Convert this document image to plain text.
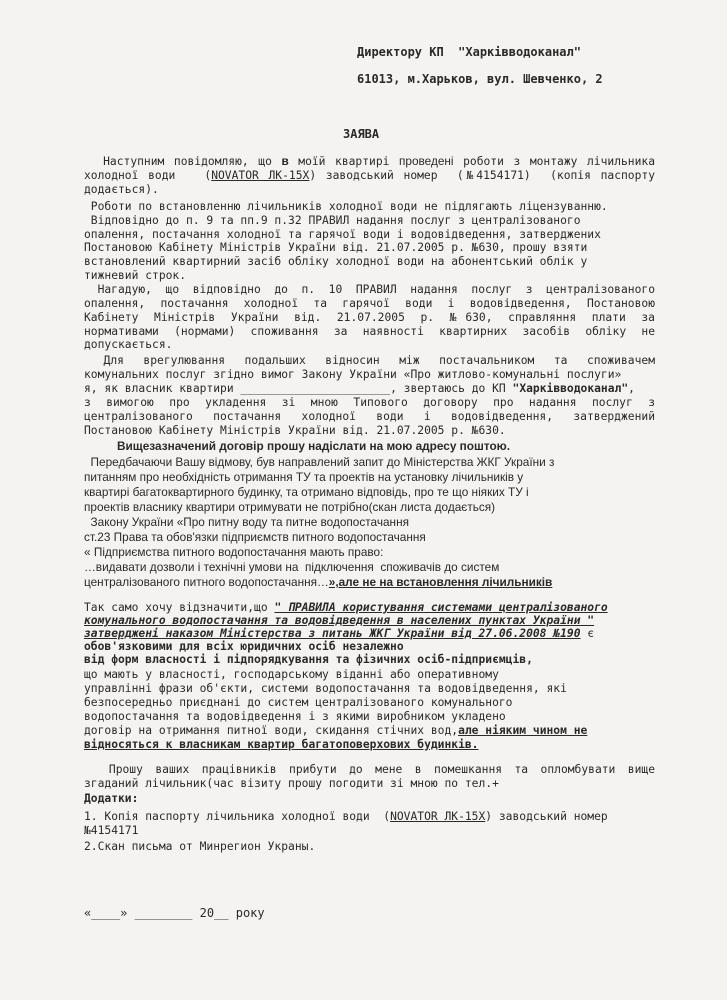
Директору КП  "Харківводоканал"
61013, м.Харьков, вул. Шевченко, 2
ЗАЯВА
Наступним повідомляю, що в моїй квартирі проведені роботи з монтажу лічильника
холодної води   (NOVATOR ЛК-15Х) заводський номер  (№4154171)  (копія паспорту
додається).
Роботи по встановленню лічильників холодної води не підлягають ліцензуванню.
Відповідно до п. 9 та пп.9 п.32 ПРАВИЛ надання послуг з централізованого
опалення, постачання холодної та гарячої води і водовідведення, затверджених
Постановою Кабінету Міністрів України від. 21.07.2005 р. №630, прошу взяти
встановлений квартирний засіб обліку холодної води на абонентський облік у
тижневий строк.
Нагадую, що відповідно до п. 10 ПРАВИЛ надання послуг з централізованого
опалення, постачання холодної та гарячої води і водовідведення, Постановою
Кабінету Міністрів України від. 21.07.2005 р. №630, справляння плати за
нормативами (нормами) споживання за наявності квартирних засобів обліку не
допускається.
Для врегулювання подальших відносин між постачальником та споживачем
комунальних послуг згідно вимог Закону України «Про житлово-комунальні послуги»
я, як власник квартири ______________________, звертаюсь до КП "Харківводоканал",
з вимогою про укладення зі мною Типового договору про надання послуг з
централізованого постачання холодної води і водовідведення, затверджений
Постановою Кабінету Міністрів України від. 21.07.2005 р. №630.
Вищезазначений договір прошу надіслати на мою адресу поштою.
Передбачаючи Вашу відмову, був направлений запит до Міністерства ЖКГ України з
питанням про необхідність отримання ТУ та проектів на установку лічильників у
квартирі багатоквартирного будинку, та отримано відповідь, про те що ніяких ТУ і
проектів власнику квартири отримувати не потрібно(скан листа додається)
Закону України «Про питну воду та питне водопостачання
ст.23 Права та обов'язки підприємств питного водопостачання
« Підприємства питного водопостачання мають право:
…видавати дозволи і технічні умови на  підключення  споживачів до систем
централізованого питного водопостачання…»,але не на встановлення лічильників
Так само хочу відзначити,що " ПРАВИЛА користування системами централізованого
комунального водопостачання та водовідведення в населених пунктах України "
затверджені наказом Міністерства з питань ЖКГ України від 27.06.2008 №190 є
обов'язковими для всіх юридичних осіб незалежно
від форм власності і підпорядкування та фізичних осіб-підприємців,
що мають у власності, господарському віданні або оперативному
управлінні фрази об'єкти, системи водопостачання та водовідведення, які
безпосередньо приєднані до систем централізованого комунального
водопостачання та водовідведення і з якими виробником укладено
договір на отримання питної води, скидання стічних вод,але ніяким чином не
відносяться к власникам квартир багатоповерхових будинків.
Прошу ваших працівників прибути до мене в помешкання та опломбувати вище
згаданий лічильник(час візиту прошу погодити зі мною по тел.+
Додатки:
1. Копія паспорту лічильника холодної води  (NOVATOR ЛК-15Х) заводський номер
№4154171
2.Скан письма от Минрегион Украны.
«____» ________ 20__ року
